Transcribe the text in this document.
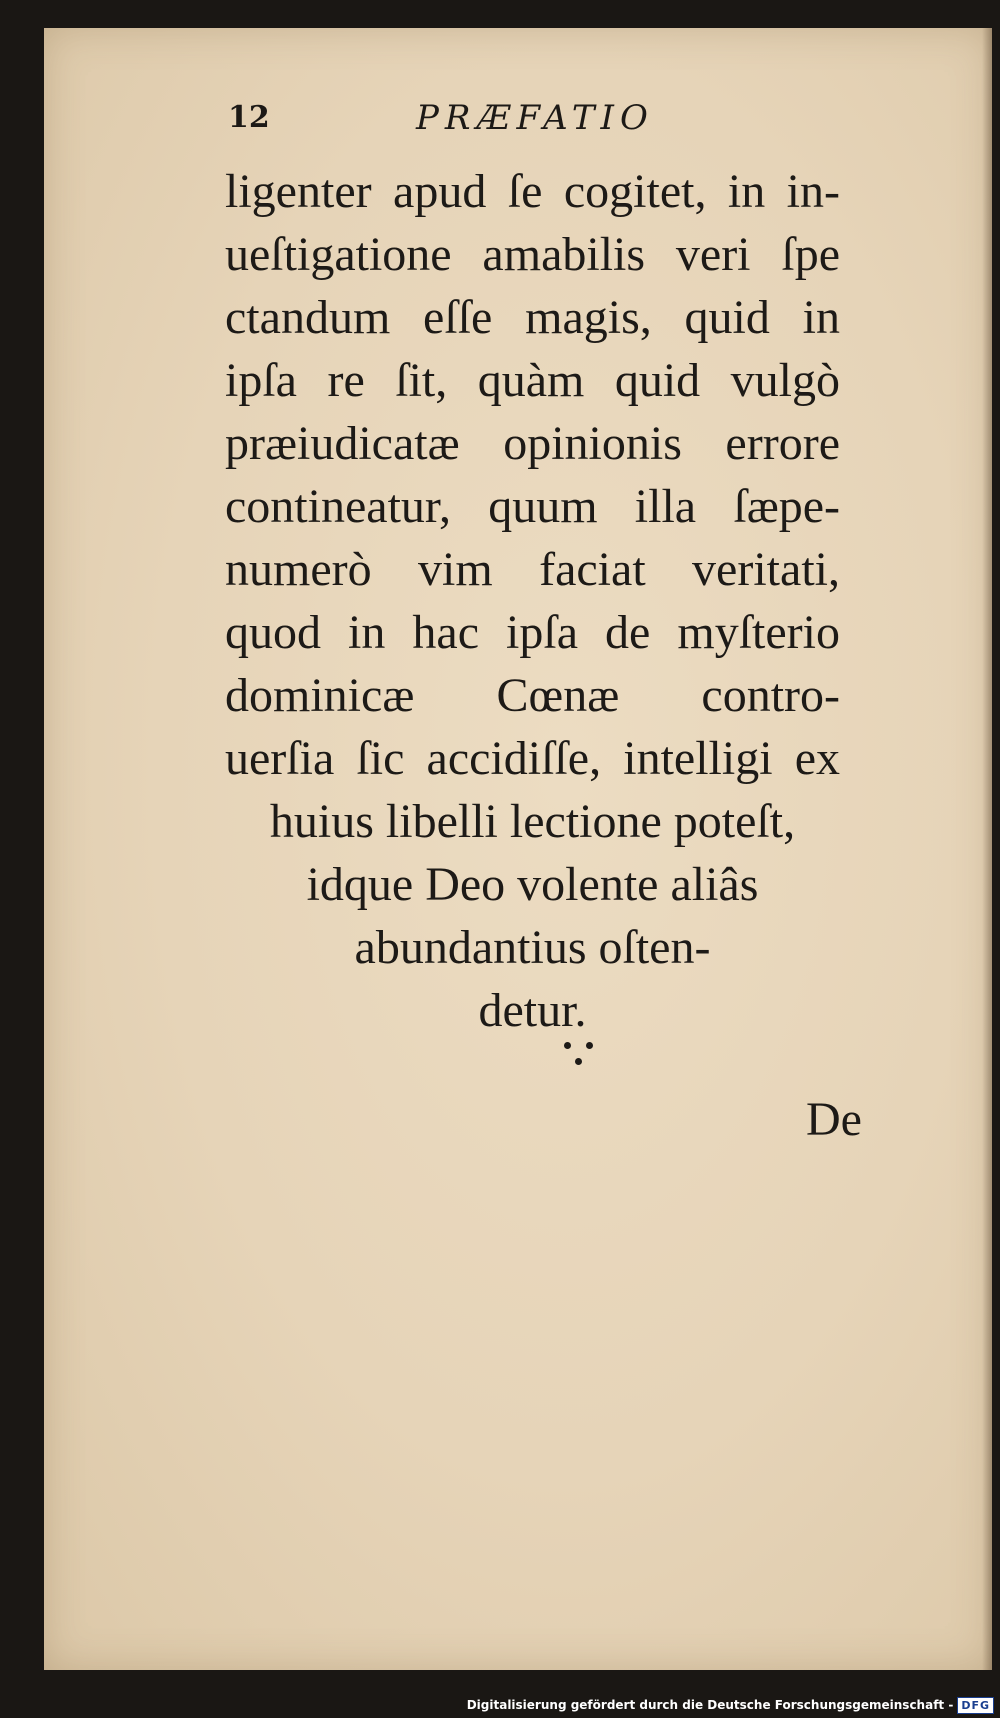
12	PRÆFATIO
ligenter apud ſe cogitet, in in-
ueſtigatione amabilis veri ſpe
ctandum eſſe magis, quid in
ipſa re ſit, quàm quid vulgò
præiudicatæ opinionis errore
contineatur, quum illa ſæpe-
numerò vim faciat veritati,
quod in hac ipſa de myſterio
dominicæ Cœnæ contro-
uerſia ſic accidiſſe, intelligi ex
huius libelli lectione poteſt,
idque Deo volente aliâs
abundantius oſten-
detur.
De
Digitalisierung gefördert durch die Deutsche Forschungsgemeinschaft - DFG
